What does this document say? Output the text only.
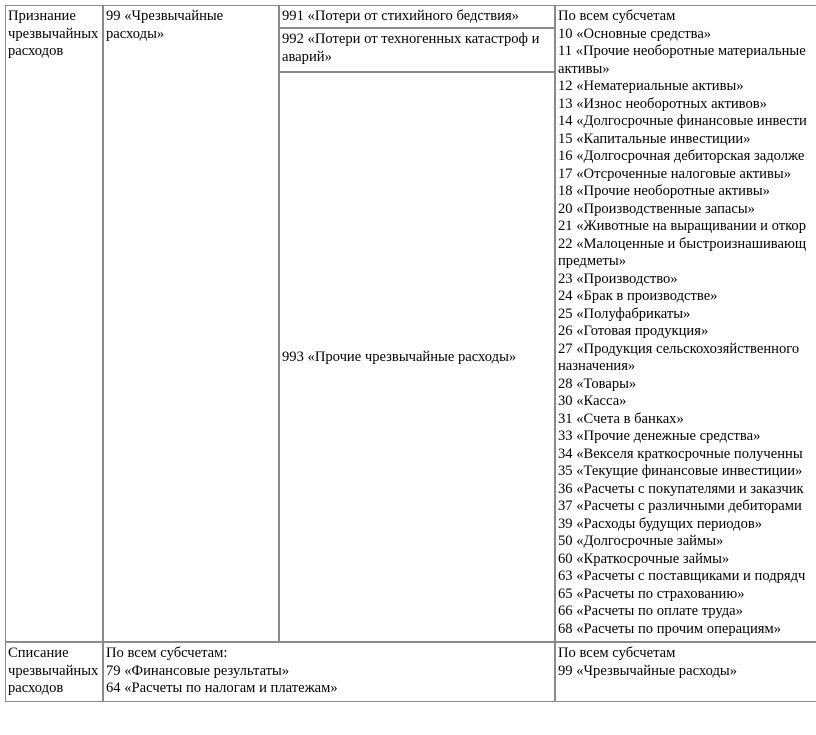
Признание чрезвычайных расходов
99 «Чрезвычайные расходы»
991 «Потери от стихийного бедствия»
992 «Потери от техногенных катастроф и аварий»
993 «Прочие чрезвычайные расходы»
По всем субсчетам
10 «Основные средства»
11 «Прочие необоротные материальные
активы»
12 «Нематериальные активы»
13 «Износ необоротных активов»
14 «Долгосрочные финансовые инвести
15 «Капитальные инвестиции»
16 «Долгосрочная дебиторская задолже
17 «Отсроченные налоговые активы»
18 «Прочие необоротные активы»
20 «Производственные запасы»
21 «Животные на выращивании и откор
22 «Малоценные и быстроизнашивающ
предметы»
23 «Производство»
24 «Брак в производстве»
25 «Полуфабрикаты»
26 «Готовая продукция»
27 «Продукция сельскохозяйственного
назначения»
28 «Товары»
30 «Касса»
31 «Счета в банках»
33 «Прочие денежные средства»
34 «Векселя краткосрочные полученны
35 «Текущие финансовые инвестиции»
36 «Расчеты с покупателями и заказчик
37 «Расчеты с различными дебиторами
39 «Расходы будущих периодов»
50 «Долгосрочные займы»
60 «Краткосрочные займы»
63 «Расчеты с поставщиками и подрядч
65 «Расчеты по страхованию»
66 «Расчеты по оплате труда»
68 «Расчеты по прочим операциям»
Списание чрезвычайных расходов
По всем субсчетам:
79 «Финансовые результаты»
64 «Расчеты по налогам и платежам»
По всем субсчетам
99 «Чрезвычайные расходы»
